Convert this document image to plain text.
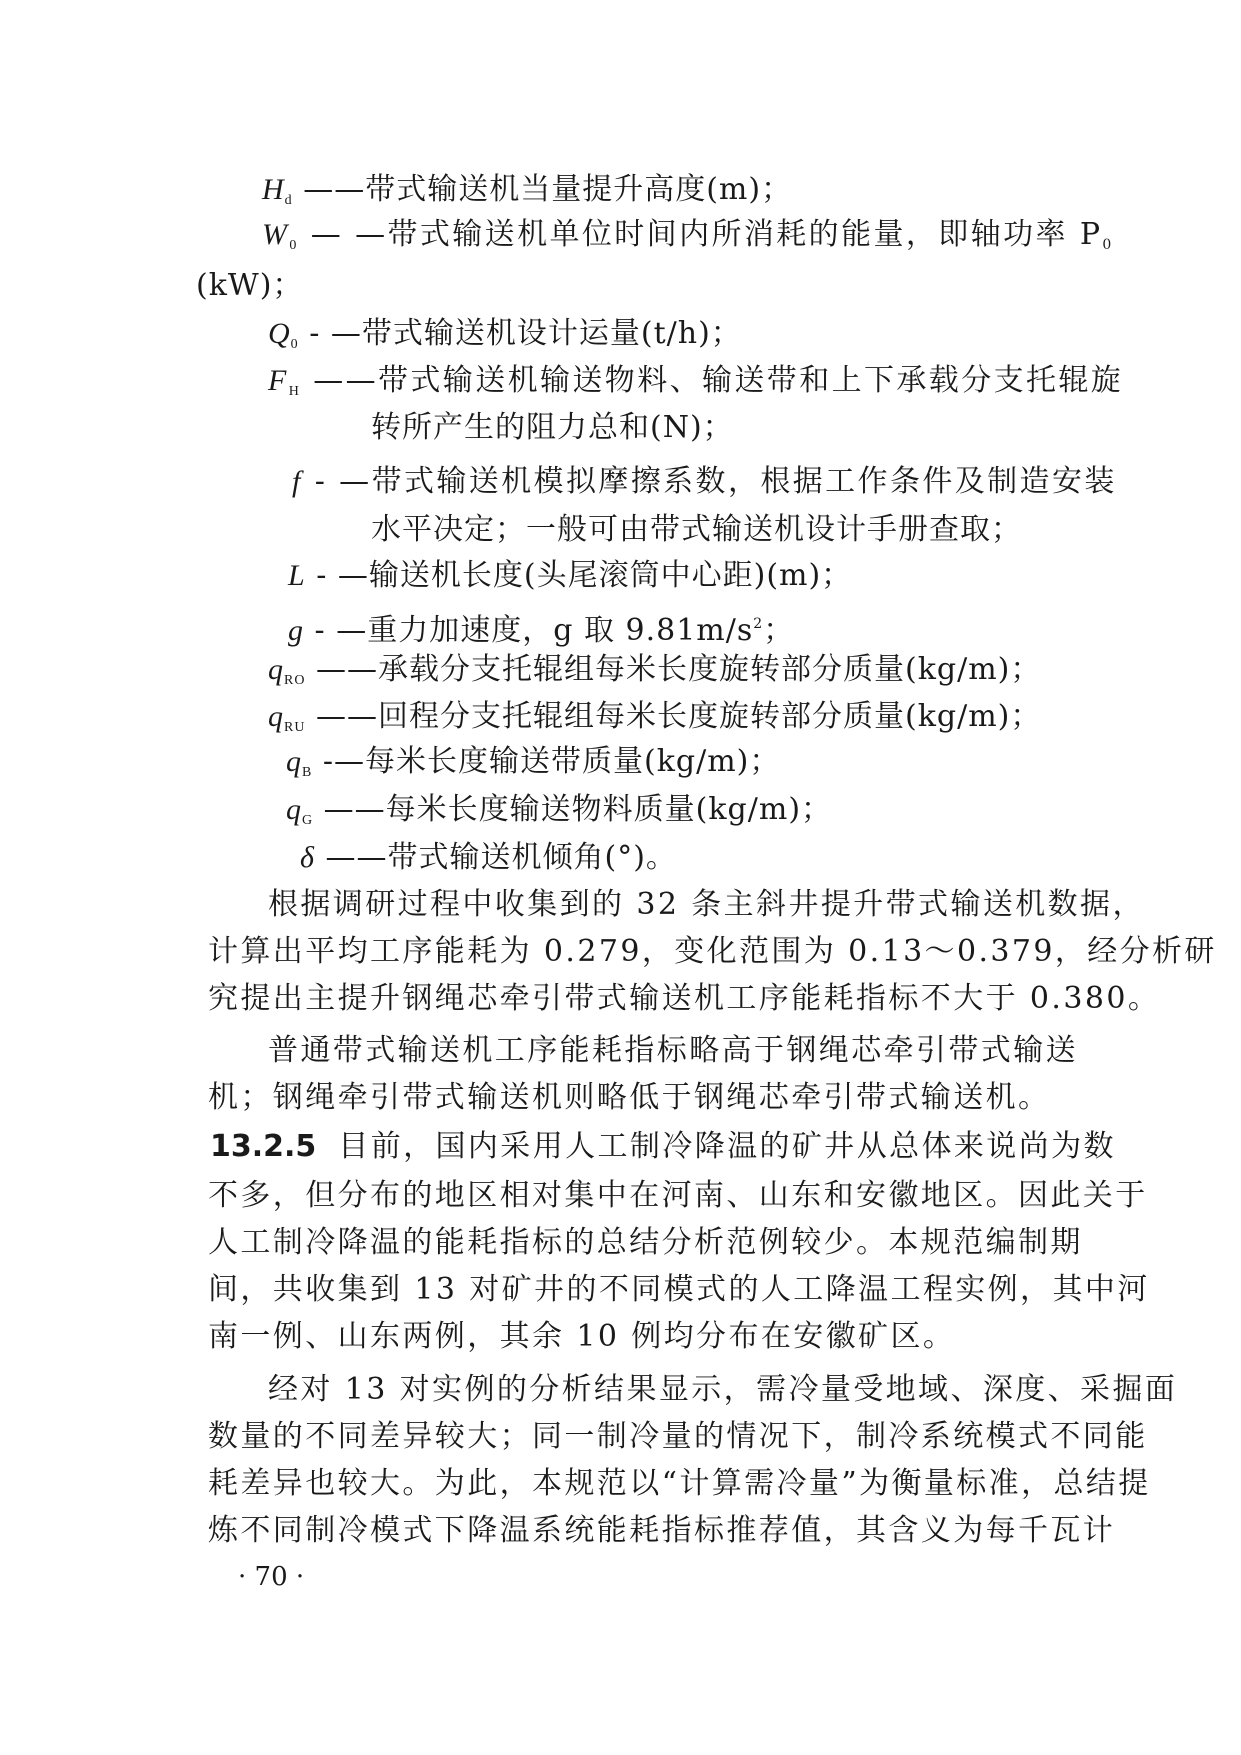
$H_d$ ——带式输送机当量提升高度(m)；
$W_0$ — —带式输送机单位时间内所消耗的能量，即轴功率 $P_0$
(kW)；
$Q_0$ - —带式输送机设计运量(t/h)；
$F_H$ ——带式输送机输送物料、输送带和上下承载分支托辊旋
转所产生的阻力总和(N)；
f - —带式输送机模拟摩擦系数，根据工作条件及制造安装
水平决定；一般可由带式输送机设计手册查取；
L - —输送机长度(头尾滚筒中心距)(m)；
g - —重力加速度，g 取 $9.81m/s^2$；
$q_{RO}$ ——承载分支托辊组每米长度旋转部分质量(kg/m)；
$q_{RU}$ ——回程分支托辊组每米长度旋转部分质量(kg/m)；
$q_B$ -—每米长度输送带质量(kg/m)；
$q_G$ ——每米长度输送物料质量(kg/m)；
δ ——带式输送机倾角(°)。
根据调研过程中收集到的 32 条主斜井提升带式输送机数据，
计算出平均工序能耗为 0.279，变化范围为 0.13～0.379，经分析研
究提出主提升钢绳芯牵引带式输送机工序能耗指标不大于 0.380。
普通带式输送机工序能耗指标略高于钢绳芯牵引带式输送
机；钢绳牵引带式输送机则略低于钢绳芯牵引带式输送机。
13.2.5 目前，国内采用人工制冷降温的矿井从总体来说尚为数
不多，但分布的地区相对集中在河南、山东和安徽地区。因此关于
人工制冷降温的能耗指标的总结分析范例较少。本规范编制期
间，共收集到 13 对矿井的不同模式的人工降温工程实例，其中河
南一例、山东两例，其余 10 例均分布在安徽矿区。
经对 13 对实例的分析结果显示，需冷量受地域、深度、采掘面
数量的不同差异较大；同一制冷量的情况下，制冷系统模式不同能
耗差异也较大。为此，本规范以“计算需冷量”为衡量标准，总结提
炼不同制冷模式下降温系统能耗指标推荐值，其含义为每千瓦计
· 70 ·
